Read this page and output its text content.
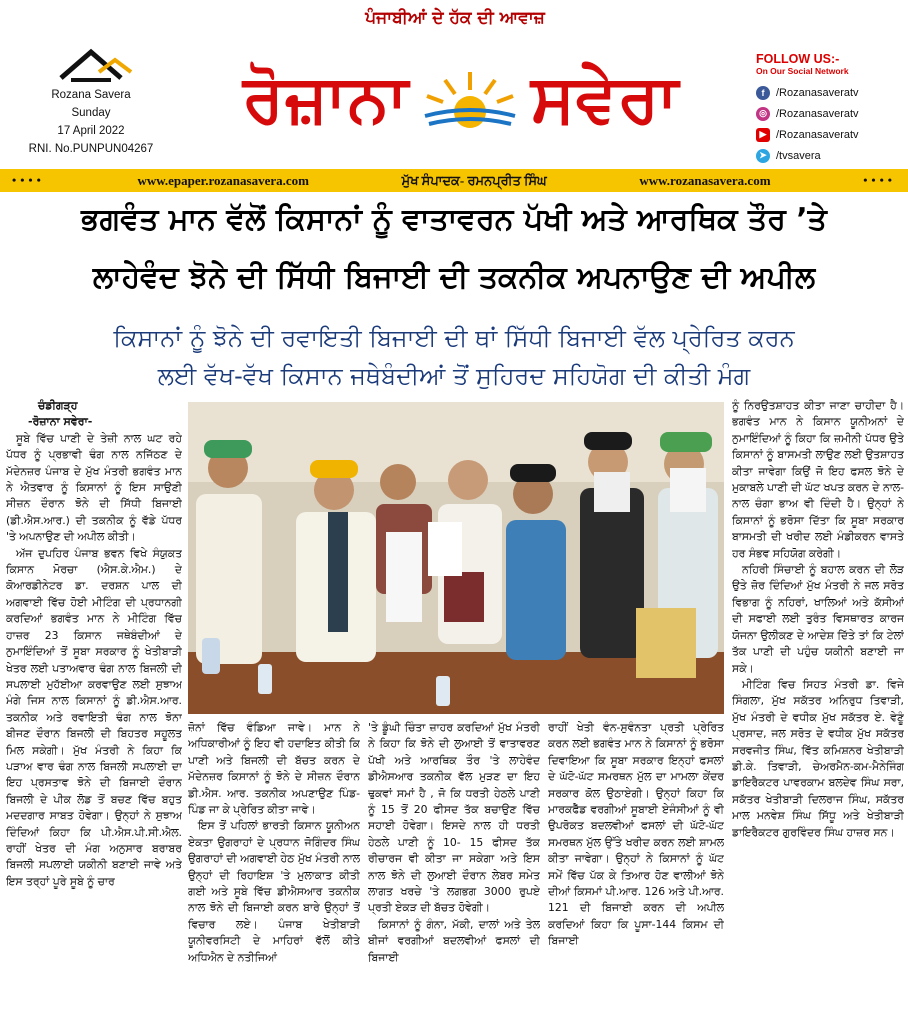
Rozana Savera
Sunday
17 April 2022
RNI. No.PUNPUN04267
ਪੰਜਾਬੀਆਂ ਦੇ ਹੱਕ ਦੀ ਆਵਾਜ਼
ਰੋਜ਼ਾਨਾ ਸਵੇਰਾ
FOLLOW US:-
On Our Social Network
f	/Rozanasaveratv
◎ /Rozanasaveratv
▶ /Rozanasaveratv
➤ /tvsavera
••••	www.epaper.rozanasavera.com	ਮੁੱਖ ਸੰਪਾਦਕ- ਰਮਨਪ੍ਰੀਤ ਸਿੰਘ	www.rozanasavera.com	••••
ਭਗਵੰਤ ਮਾਨ ਵੱਲੋਂ ਕਿਸਾਨਾਂ ਨੂੰ ਵਾਤਾਵਰਨ ਪੱਖੀ ਅਤੇ ਆਰਥਿਕ ਤੌਰ ’ਤੇ
ਲਾਹੇਵੰਦ ਝੋਨੇ ਦੀ ਸਿੱਧੀ ਬਿਜਾਈ ਦੀ ਤਕਨੀਕ ਅਪਨਾਉਣ ਦੀ ਅਪੀਲ
ਕਿਸਾਨਾਂ ਨੂੰ ਝੋਨੇ ਦੀ ਰਵਾਇਤੀ ਬਿਜਾਈ ਦੀ ਥਾਂ ਸਿੱਧੀ ਬਿਜਾਈ ਵੱਲ ਪ੍ਰੇਰਿਤ ਕਰਨ
ਲਈ ਵੱਖ-ਵੱਖ ਕਿਸਾਨ ਜਥੇਬੰਦੀਆਂ ਤੋਂ ਸੁਹਿਰਦ ਸਹਿਯੋਗ ਦੀ ਕੀਤੀ ਮੰਗ

ਚੰਡੀਗੜ੍ਹ

-ਰੋਜ਼ਾਨਾ ਸਵੇਰਾ-

ਸੂਬੇ ਵਿੱਚ ਪਾਣੀ ਦੇ ਤੇਜ਼ੀ ਨਾਲ ਘਟ ਰਹੇ ਪੱਧਰ ਨੂੰ ਪ੍ਰਭਾਵੀ ਢੰਗ ਨਾਲ ਨਜਿੱਠਣ ਦੇ ਮੱਦੇਨਜ਼ਰ ਪੰਜਾਬ ਦੇ ਮੁੱਖ ਮੰਤਰੀ ਭਗਵੰਤ ਮਾਨ ਨੇ ਐਤਵਾਰ ਨੂੰ ਕਿਸਾਨਾਂ ਨੂੰ ਇਸ ਸਾਉਣੀ ਸੀਜ਼ਨ ਦੌਰਾਨ ਝੋਨੇ ਦੀ ਸਿੱਧੀ ਬਿਜਾਈ (ਡੀ.ਐਸ.ਆਰ.) ਦੀ ਤਕਨੀਕ ਨੂੰ ਵੱਡੇ ਪੱਧਰ 'ਤੇ ਅਪਨਾਉਣ ਦੀ ਅਪੀਲ ਕੀਤੀ।

ਅੱਜ ਦੁਪਹਿਰ ਪੰਜਾਬ ਭਵਨ ਵਿਖੇ ਸੰਯੁਕਤ ਕਿਸਾਨ ਮੋਰਚਾ (ਐਸ.ਕੇ.ਐਮ.) ਦੇ ਕੋਆਰਡੀਨੇਟਰ ਡਾ. ਦਰਸ਼ਨ ਪਾਲ ਦੀ ਅਗਵਾਈ ਵਿੱਚ ਹੋਈ ਮੀਟਿੰਗ ਦੀ ਪ੍ਰਧਾਨਗੀ ਕਰਦਿਆਂ ਭਗਵੰਤ ਮਾਨ ਨੇ ਮੀਟਿੰਗ ਵਿੱਚ ਹਾਜ਼ਰ 23 ਕਿਸਾਨ ਜਥੇਬੰਦੀਆਂ ਦੇ ਨੁਮਾਇੰਦਿਆਂ ਤੋਂ ਸੂਬਾ ਸਰਕਾਰ ਨੂੰ ਖੇਤੀਬਾੜੀ ਖੇਤਰ ਲਈ ਪਤਾਅਵਾਰ ਢੰਗ ਨਾਲ ਬਿਜਲੀ ਦੀ ਸਪਲਾਈ ਮੁਹੱਈਆ ਕਰਵਾਉਣ ਲਈ ਸੁਝਾਅ ਮੰਗੇ ਜਿਸ ਨਾਲ ਕਿਸਾਨਾਂ ਨੂੰ ਡੀ.ਐਸ.ਆਰ. ਤਕਨੀਕ ਅਤੇ ਰਵਾਇਤੀ ਢੰਗ ਨਾਲ ਝੋਨਾ ਬੀਜਣ ਦੌਰਾਨ ਬਿਜਲੀ ਦੀ ਬਿਹਤਰ ਸਹੂਲਤ ਮਿਲ ਸਕੇਗੀ। ਮੁੱਖ ਮੰਤਰੀ ਨੇ ਕਿਹਾ ਕਿ ਪੜਾਅ ਵਾਰ ਢੰਗ ਨਾਲ ਬਿਜਲੀ ਸਪਲਾਈ ਦਾ ਇਹ ਪ੍ਰਸਤਾਵ ਝੋਨੇ ਦੀ ਬਿਜਾਈ ਦੌਰਾਨ ਬਿਜਲੀ ਦੇ ਪੀਕ ਲੋਡ ਤੋਂ ਬਚਣ ਵਿੱਚ ਬਹੁਤ ਮਦਦਗਾਰ ਸਾਬਤ ਹੋਵੇਗਾ। ਉਨ੍ਹਾਂ ਨੇ ਸੁਝਾਅ ਦਿੰਦਿਆਂ ਕਿਹਾ ਕਿ ਪੀ.ਐਸ.ਪੀ.ਸੀ.ਐਲ. ਰਾਹੀਂ ਖੇਤਰ ਦੀ ਮੰਗ ਅਨੁਸਾਰ ਬਰਾਬਰ ਬਿਜਲੀ ਸਪਲਾਈ ਯਕੀਨੀ ਬਣਾਈ ਜਾਵੇ ਅਤੇ ਇਸ ਤਰ੍ਹਾਂ ਪੂਰੇ ਸੂਬੇ ਨੂੰ ਚਾਰ

ਜ਼ੋਨਾਂ ਵਿੱਚ ਵੰਡਿਆ ਜਾਵੇ। ਮਾਨ ਨੇ ਅਧਿਕਾਰੀਆਂ ਨੂੰ ਇਹ ਵੀ ਹਦਾਇਤ ਕੀਤੀ ਕਿ ਪਾਣੀ ਅਤੇ ਬਿਜਲੀ ਦੀ ਬੱਚਤ ਕਰਨ ਦੇ ਮੱਦੇਨਜ਼ਰ ਕਿਸਾਨਾਂ ਨੂੰ ਝੋਨੇ ਦੇ ਸੀਜ਼ਨ ਦੌਰਾਨ ਡੀ.ਐਸ. ਆਰ. ਤਕਨੀਕ ਅਪਣਾਉਣ ਪਿੰਡ-ਪਿੰਡ ਜਾ ਕੇ ਪ੍ਰੇਰਿਤ ਕੀਤਾ ਜਾਵੇ।

ਇਸ ਤੋਂ ਪਹਿਲਾਂ ਭਾਰਤੀ ਕਿਸਾਨ ਯੂਨੀਅਨ ਏਕਤਾ ਉਗਰਾਹਾਂ ਦੇ ਪ੍ਰਧਾਨ ਜੋਗਿੰਦਰ ਸਿੰਘ ਉਗਰਾਹਾਂ ਦੀ ਅਗਵਾਈ ਹੇਠ ਮੁੱਖ ਮੰਤਰੀ ਨਾਲ ਉਨ੍ਹਾਂ ਦੀ ਰਿਹਾਇਸ਼ 'ਤੇ ਮੁਲਾਕਾਤ ਕੀਤੀ ਗਈ ਅਤੇ ਸੂਬੇ ਵਿੱਚ ਡੀਐਸਆਰ ਤਕਨੀਕ ਨਾਲ ਝੋਨੇ ਦੀ ਬਿਜਾਈ ਕਰਨ ਬਾਰੇ ਉਨ੍ਹਾਂ ਤੋਂ ਵਿਚਾਰ ਲਏ। ਪੰਜਾਬ ਖੇਤੀਬਾੜੀ ਯੂਨੀਵਰਸਿਟੀ ਦੇ ਮਾਹਿਰਾਂ ਵੱਲੋਂ ਕੀਤੇ ਅਧਿਐਨ ਦੇ ਨਤੀਜਿਆਂ

'ਤੇ ਡੂੰਘੀ ਚਿੰਤਾ ਜ਼ਾਹਰ ਕਰਦਿਆਂ ਮੁੱਖ ਮੰਤਰੀ ਨੇ ਕਿਹਾ ਕਿ ਝੋਨੇ ਦੀ ਲੁਆਈ ਤੋਂ ਵਾਤਾਵਰਣ ਪੱਖੀ ਅਤੇ ਆਰਥਿਕ ਤੌਰ 'ਤੇ ਲਾਹੇਵੰਦ ਡੀਐਸਆਰ ਤਕਨੀਕ ਵੱਲ ਮੁੜਣ ਦਾ ਇਹ ਢੁਕਵਾਂ ਸਮਾਂ ਹੈ , ਜੋ ਕਿ ਧਰਤੀ ਹੇਠਲੇ ਪਾਣੀ ਨੂੰ 15 ਤੋਂ 20 ਫੀਸਦ ਤੱਕ ਬਚਾਉਣ ਵਿੱਚ ਸਹਾਈ ਹੋਵੇਗਾ। ਇਸਦੇ ਨਾਲ ਹੀ ਧਰਤੀ ਹੇਠਲੇ ਪਾਣੀ ਨੂੰ 10- 15 ਫੀਸਦ ਤੱਕ ਰੀਚਾਰਜ ਵੀ ਕੀਤਾ ਜਾ ਸਕੇਗਾ ਅਤੇ ਇਸ ਨਾਲ ਝੋਨੇ ਦੀ ਲੁਆਈ ਦੌਰਾਨ ਲੇਬਰ ਸਮੇਤ ਲਾਗਤ ਖਰਚੇ 'ਤੇ ਲਗਭਗ 3000 ਰੁਪਏ ਪ੍ਰਤੀ ਏਕੜ ਦੀ ਬੱਚਤ ਹੋਵੇਗੀ।

ਕਿਸਾਨਾਂ ਨੂੰ ਗੰਨਾ, ਮੱਕੀ, ਦਾਲਾਂ ਅਤੇ ਤੇਲ ਬੀਜਾਂ ਵਰਗੀਆਂ ਬਦਲਵੀਆਂ ਫਸਲਾਂ ਦੀ ਬਿਜਾਈ

ਰਾਹੀਂ ਖੇਤੀ ਵੰਨ-ਸੁਵੰਨਤਾ ਪ੍ਰਤੀ ਪ੍ਰੇਰਿਤ ਕਰਨ ਲਈ ਭਗਵੰਤ ਮਾਨ ਨੇ ਕਿਸਾਨਾਂ ਨੂੰ ਭਰੋਸਾ ਦਿਵਾਇਆ ਕਿ ਸੂਬਾ ਸਰਕਾਰ ਇਨ੍ਹਾਂ ਫਸਲਾਂ ਦੇ ਘੱਟੋ-ਘੱਟ ਸਮਰਥਨ ਮੁੱਲ ਦਾ ਮਾਮਲਾ ਕੇਂਦਰ ਸਰਕਾਰ ਕੋਲ ਉਠਾਏਗੀ। ਉਨ੍ਹਾਂ ਕਿਹਾ ਕਿ ਮਾਰਕਫੈੱਡ ਵਰਗੀਆਂ ਸੂਬਾਈ ਏਜੰਸੀਆਂ ਨੂੰ ਵੀ ਉਪਰੋਕਤ ਬਦਲਵੀਆਂ ਫਸਲਾਂ ਦੀ ਘੱਟੋ-ਘੱਟ ਸਮਰਥਨ ਮੁੱਲ ਉੱਤੇ ਖਰੀਦ ਕਰਨ ਲਈ ਸ਼ਾਮਲ ਕੀਤਾ ਜਾਵੇਗਾ। ਉਨ੍ਹਾਂ ਨੇ ਕਿਸਾਨਾਂ ਨੂੰ ਘੱਟ ਸਮੇਂ ਵਿੱਚ ਪੱਕ ਕੇ ਤਿਆਰ ਹੋਣ ਵਾਲੀਆਂ ਝੋਨੇ ਦੀਆਂ ਕਿਸਮਾਂ ਪੀ.ਆਰ. 126 ਅਤੇ ਪੀ.ਆਰ. 121 ਦੀ ਬਿਜਾਈ ਕਰਨ ਦੀ ਅਪੀਲ ਕਰਦਿਆਂ ਕਿਹਾ ਕਿ ਪੂਸਾ-144 ਕਿਸਮ ਦੀ ਬਿਜਾਈ

ਨੂੰ ਨਿਰਉਤਸ਼ਾਹਤ ਕੀਤਾ ਜਾਣਾ ਚਾਹੀਦਾ ਹੈ। ਭਗਵੰਤ ਮਾਨ ਨੇ ਕਿਸਾਨ ਯੂਨੀਅਨਾਂ ਦੇ ਨੁਮਾਇੰਦਿਆਂ ਨੂੰ ਕਿਹਾ ਕਿ ਜ਼ਮੀਨੀ ਪੱਧਰ ਉਤੇ ਕਿਸਾਨਾਂ ਨੂੰ ਬਾਸਮਤੀ ਲਾਉਣ ਲਈ ਉਤਸ਼ਾਹਤ ਕੀਤਾ ਜਾਵੇਗਾ ਕਿਉਂ ਜੋ ਇਹ ਫਸਲ ਝੋਨੇ ਦੇ ਮੁਕਾਬਲੇ ਪਾਣੀ ਦੀ ਘੱਟ ਖਪਤ ਕਰਨ ਦੇ ਨਾਲ-ਨਾਲ ਚੰਗਾ ਭਾਅ ਵੀ ਦਿੰਦੀ ਹੈ। ਉਨ੍ਹਾਂ ਨੇ ਕਿਸਾਨਾਂ ਨੂੰ ਭਰੋਸਾ ਦਿੱਤਾ ਕਿ ਸੂਬਾ ਸਰਕਾਰ ਬਾਸਮਤੀ ਦੀ ਖਰੀਦ ਲਈ ਮੰਡੀਕਰਨ ਵਾਸਤੇ ਹਰ ਸੰਭਵ ਸਹਿਯੋਗ ਕਰੇਗੀ।

ਨਹਿਰੀ ਸਿੰਚਾਈ ਨੂੰ ਬਹਾਲ ਕਰਨ ਦੀ ਲੋੜ ਉਤੇ ਜ਼ੋਰ ਦਿੰਦਿਆਂ ਮੁੱਖ ਮੰਤਰੀ ਨੇ ਜਲ ਸਰੋਤ ਵਿਭਾਗ ਨੂੰ ਨਹਿਰਾਂ, ਖਾਲਿਆਂ ਅਤੇ ਕੱਸੀਆਂ ਦੀ ਸਫਾਈ ਲਈ ਤੁਰੰਤ ਵਿਸਥਾਰਤ ਕਾਰਜ ਯੋਜਨਾ ਉਲੀਕਣ ਦੇ ਆਦੇਸ਼ ਦਿੱਤੇ ਤਾਂ ਕਿ ਟੇਲਾਂ ਤੱਕ ਪਾਣੀ ਦੀ ਪਹੁੰਚ ਯਕੀਨੀ ਬਣਾਈ ਜਾ ਸਕੇ।

ਮੀਟਿੰਗ ਵਿਚ ਸਿਹਤ ਮੰਤਰੀ ਡਾ. ਵਿਜੇ ਸਿੰਗਲਾ, ਮੁੱਖ ਸਕੱਤਰ ਅਨਿਰੁਧ ਤਿਵਾੜੀ, ਮੁੱਖ ਮੰਤਰੀ ਦੇ ਵਧੀਕ ਮੁੱਖ ਸਕੱਤਰ ਏ. ਵੇਣੂੰ ਪ੍ਰਸਾਦ, ਜਲ ਸਰੋਤ ਦੇ ਵਧੀਕ ਮੁੱਖ ਸਕੱਤਰ ਸਰਵਜੀਤ ਸਿੰਘ, ਵਿੱਤ ਕਮਿਸ਼ਨਰ ਖੇਤੀਬਾੜੀ ਡੀ.ਕੇ. ਤਿਵਾੜੀ, ਚੇਅਰਮੈਨ-ਕਮ-ਮੈਨੇਜਿੰਗ ਡਾਇਰੈਕਟਰ ਪਾਵਰਕਾਮ ਬਲਦੇਵ ਸਿੰਘ ਸਰਾ, ਸਕੱਤਰ ਖੇਤੀਬਾੜੀ ਦਿਲਰਾਜ ਸਿੰਘ, ਸਕੱਤਰ ਮਾਲ ਮਨਵੇਸ਼ ਸਿੰਘ ਸਿੱਧੂ ਅਤੇ ਖੇਤੀਬਾੜੀ ਡਾਇਰੈਕਟਰ ਗੁਰਵਿੰਦਰ ਸਿੰਘ ਹਾਜ਼ਰ ਸਨ।
